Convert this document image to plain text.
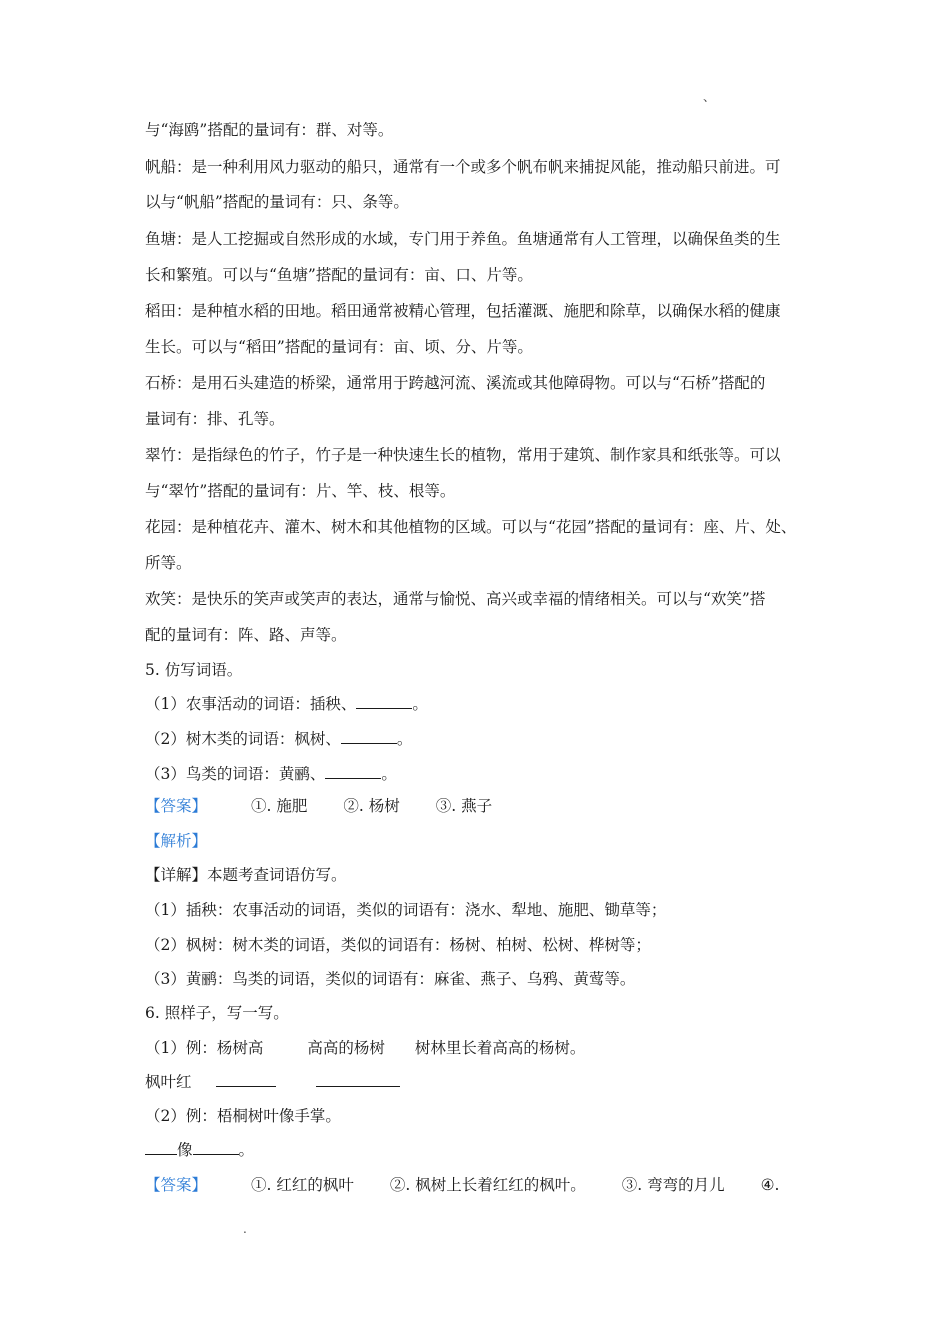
、
与“海鸥”搭配的量词有：群、对等。
帆船：是一种利用风力驱动的船只，通常有一个或多个帆布帆来捕捉风能，推动船只前进。可
以与“帆船”搭配的量词有：只、条等。
鱼塘：是人工挖掘或自然形成的水域，专门用于养鱼。鱼塘通常有人工管理，以确保鱼类的生
长和繁殖。可以与“鱼塘”搭配的量词有：亩、口、片等。
稻田：是种植水稻的田地。稻田通常被精心管理，包括灌溉、施肥和除草，以确保水稻的健康
生长。可以与“稻田”搭配的量词有：亩、顷、分、片等。
石桥：是用石头建造的桥梁，通常用于跨越河流、溪流或其他障碍物。可以与“石桥”搭配的
量词有：排、孔等。
翠竹：是指绿色的竹子，竹子是一种快速生长的植物，常用于建筑、制作家具和纸张等。可以
与“翠竹”搭配的量词有：片、竿、枝、根等。
花园：是种植花卉、灌木、树木和其他植物的区域。可以与“花园”搭配的量词有：座、片、处、
所等。
欢笑：是快乐的笑声或笑声的表达，通常与愉悦、高兴或幸福的情绪相关。可以与“欢笑”搭
配的量词有：阵、路、声等。
5. 仿写词语。
（1）农事活动的词语：插秧、	。
（2）树木类的词语：枫树、	。
（3）鸟类的词语：黄鹂、	。
【答案】	①. 施肥 ②. 杨树 ③. 燕子
【解析】
【详解】本题考查词语仿写。
（1）插秧：农事活动的词语，类似的词语有：浇水、犁地、施肥、锄草等；
（2）枫树：树木类的词语，类似的词语有：杨树、柏树、松树、桦树等；
（3）黄鹂：鸟类的词语，类似的词语有：麻雀、燕子、乌鸦、黄莺等。
6. 照样子，写一写。
（1）例：杨树高	高高的杨树 树林里长着高高的杨树。
枫叶红
（2）例：梧桐树叶像手掌。
像	。
【答案】	①. 红红的枫叶 ②. 枫树上长着红红的枫叶。 ③. 弯弯的月儿 ④.
.
